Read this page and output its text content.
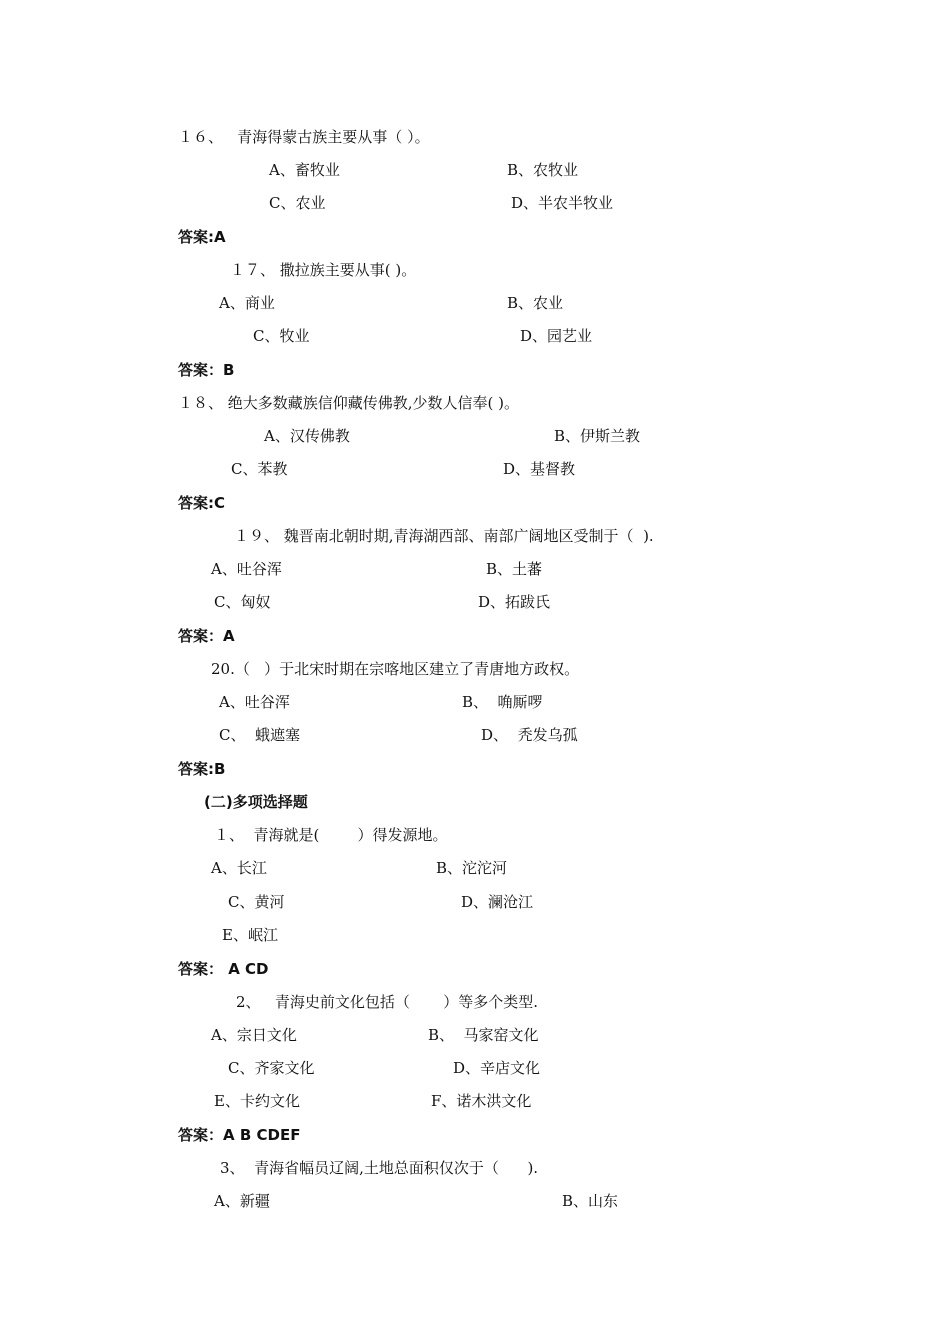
１６、   青海得蒙古族主要从事（ ）。
A、畜牧业	B、农牧业
C、农业	D、半农半牧业
答案:A
１７、 撒拉族主要从事( )。
A、商业	B、农业
C、牧业	D、园艺业
答案：B
１８、 绝大多数藏族信仰藏传佛教,少数人信奉( )。
A、汉传佛教	B、伊斯兰教
C、苯教	D、基督教
答案:C
１９、 魏晋南北朝时期,青海湖西部、南部广阔地区受制于（  ).
A、吐谷浑	B、土蕃
C、匈奴	D、拓跋氏
答案：A
20.（   ）于北宋时期在宗喀地区建立了青唐地方政权。
A、吐谷浑	B、  唃厮啰
C、  蛾遮塞	D、  秃发乌孤
答案:B
(二)多项选择题
１、  青海就是(        ）得发源地。
A、长江	B、沱沱河
C、黄河	D、澜沧江
E、岷江
答案： A CD
2、   青海史前文化包括（       ）等多个类型.
A、宗日文化	B、  马家窑文化
C、齐家文化	D、辛店文化
E、卡约文化	F、诺木洪文化
答案：A B CDEF
3、  青海省幅员辽阔,土地总面积仅次于（      ).
A、新疆	B、山东
